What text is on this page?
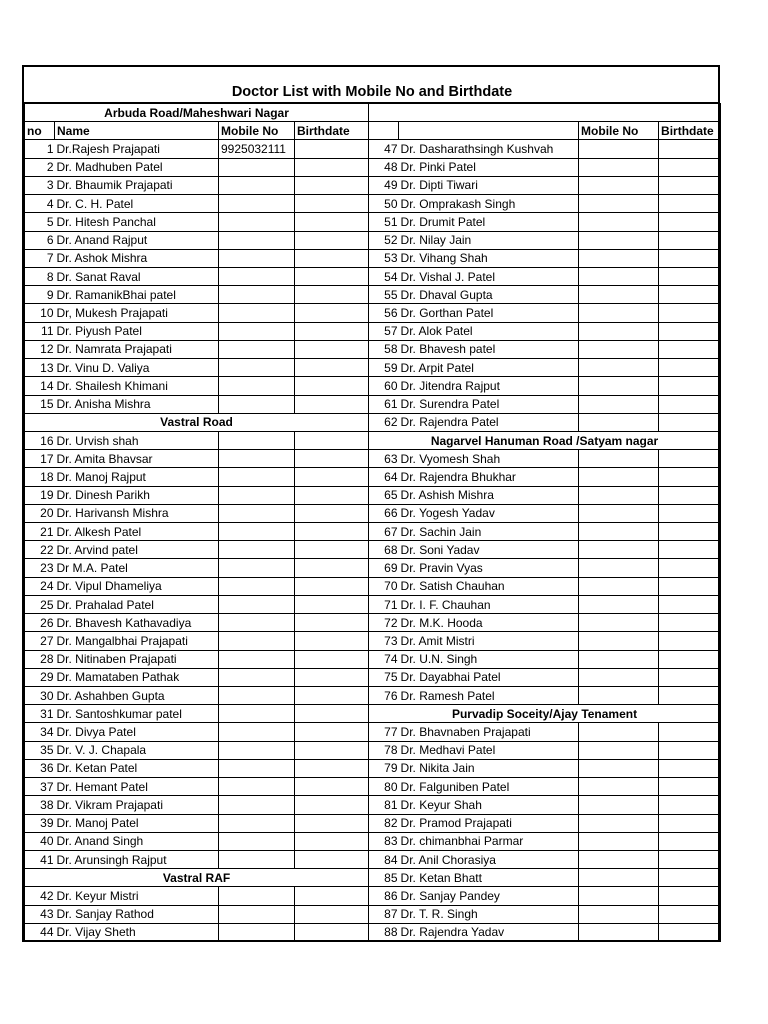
Doctor List with Mobile No and Birthdate
Arbuda Road/Maheshwari Nagar							
no	Name	Mobile No	Birthdate			Mobile No	Birthdate
1	Dr.Rajesh Prajapati	9925032111		47	Dr. Dasharathsingh Kushvah		
2	Dr. Madhuben Patel			48	Dr. Pinki Patel		
3	Dr. Bhaumik Prajapati			49	Dr. Dipti Tiwari		
4	Dr. C. H. Patel			50	Dr. Omprakash Singh		
5	Dr. Hitesh Panchal			51	Dr. Drumit Patel		
6	Dr. Anand Rajput			52	Dr. Nilay Jain		
7	Dr. Ashok Mishra			53	Dr. Vihang Shah		
8	Dr. Sanat Raval			54	Dr. Vishal J. Patel		
9	Dr. RamanikBhai patel			55	Dr. Dhaval Gupta		
10	Dr, Mukesh Prajapati			56	Dr. Gorthan Patel		
11	Dr. Piyush Patel			57	Dr. Alok Patel		
12	Dr. Namrata Prajapati			58	Dr. Bhavesh patel		
13	Dr. Vinu D. Valiya			59	Dr. Arpit Patel		
14	Dr. Shailesh Khimani			60	Dr. Jitendra Rajput		
15	Dr. Anisha Mishra			61	Dr. Surendra Patel		
Vastral Road				62	Dr. Rajendra Patel		
16	Dr. Urvish shah			Nagarvel Hanuman Road /Satyam nagar			
17	Dr. Amita Bhavsar			63	Dr. Vyomesh Shah		
18	Dr. Manoj Rajput			64	Dr. Rajendra Bhukhar		
19	Dr. Dinesh Parikh			65	Dr. Ashish Mishra		
20	Dr. Harivansh Mishra			66	Dr. Yogesh Yadav		
21	Dr. Alkesh Patel			67	Dr. Sachin Jain		
22	Dr. Arvind patel			68	Dr. Soni Yadav		
23	Dr M.A. Patel			69	Dr. Pravin Vyas		
24	Dr. Vipul Dhameliya			70	Dr. Satish Chauhan		
25	Dr. Prahalad Patel			71	Dr. I. F. Chauhan		
26	Dr. Bhavesh Kathavadiya			72	Dr. M.K. Hooda		
27	Dr. Mangalbhai Prajapati			73	Dr. Amit Mistri		
28	Dr. Nitinaben Prajapati			74	Dr. U.N. Singh		
29	Dr. Mamataben Pathak			75	Dr. Dayabhai Patel		
30	Dr. Ashahben Gupta			76	Dr. Ramesh Patel		
31	Dr. Santoshkumar patel			Purvadip Soceity/Ajay Tenament			
34	Dr. Divya Patel			77	Dr. Bhavnaben Prajapati		
35	Dr. V. J. Chapala			78	Dr. Medhavi Patel		
36	Dr. Ketan Patel			79	Dr. Nikita Jain		
37	Dr. Hemant Patel			80	Dr. Falguniben Patel		
38	Dr. Vikram Prajapati			81	Dr. Keyur Shah		
39	Dr. Manoj Patel			82	Dr. Pramod Prajapati		
40	Dr. Anand Singh			83	Dr. chimanbhai Parmar		
41	Dr. Arunsingh Rajput			84	Dr. Anil Chorasiya		
Vastral RAF				85	Dr. Ketan Bhatt		
42	Dr. Keyur Mistri			86	Dr. Sanjay Pandey		
43	Dr. Sanjay Rathod			87	Dr. T. R. Singh		
44	Dr. Vijay Sheth			88	Dr. Rajendra Yadav		
